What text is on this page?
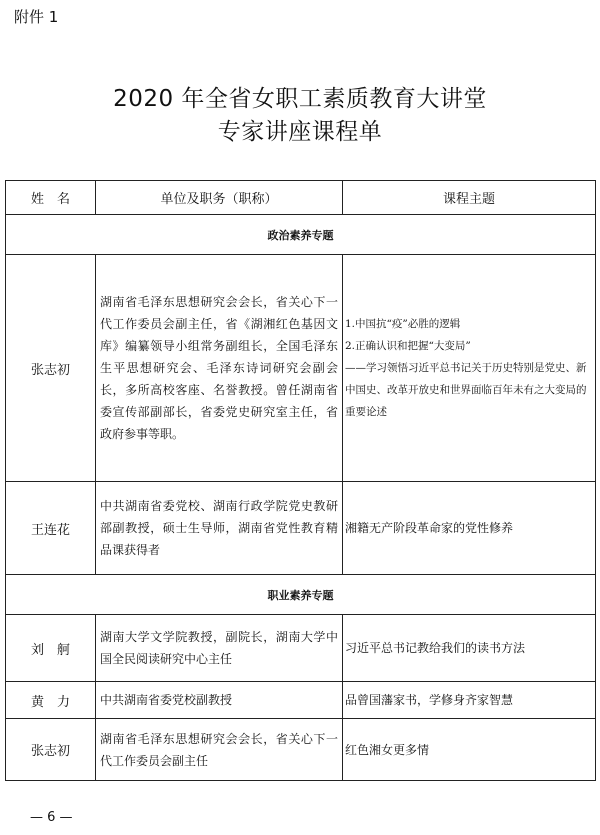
附件 1
2020 年全省女职工素质教育大讲堂
专家讲座课程单
姓　名	单位及职务（职称）	课程主题
政治素养专题		
张志初	湖南省毛泽东思想研究会会长，省关心下一代工作委员会副主任，省《湖湘红色基因文库》编纂领导小组常务副组长，全国毛泽东生平思想研究会、毛泽东诗词研究会副会长，多所高校客座、名誉教授。曾任湖南省委宣传部副部长，省委党史研究室主任，省政府参事等职。	1.中国抗“疫”必胜的逻辑
2.正确认识和把握“大变局”
——学习领悟习近平总书记关于历史特别是党史、新中国史、改革开放史和世界面临百年未有之大变局的重要论述

王连花	中共湖南省委党校、湖南行政学院党史教研部副教授，硕士生导师，湖南省党性教育精品课获得者	湘籍无产阶段革命家的党性修养
职业素养专题		
刘　舸	湖南大学文学院教授，副院长，湖南大学中国全民阅读研究中心主任	习近平总书记教给我们的读书方法
黄　力	中共湖南省委党校副教授	品曾国藩家书，学修身齐家智慧
张志初	湖南省毛泽东思想研究会会长，省关心下一代工作委员会副主任	红色湘女更多情
— 6 —
